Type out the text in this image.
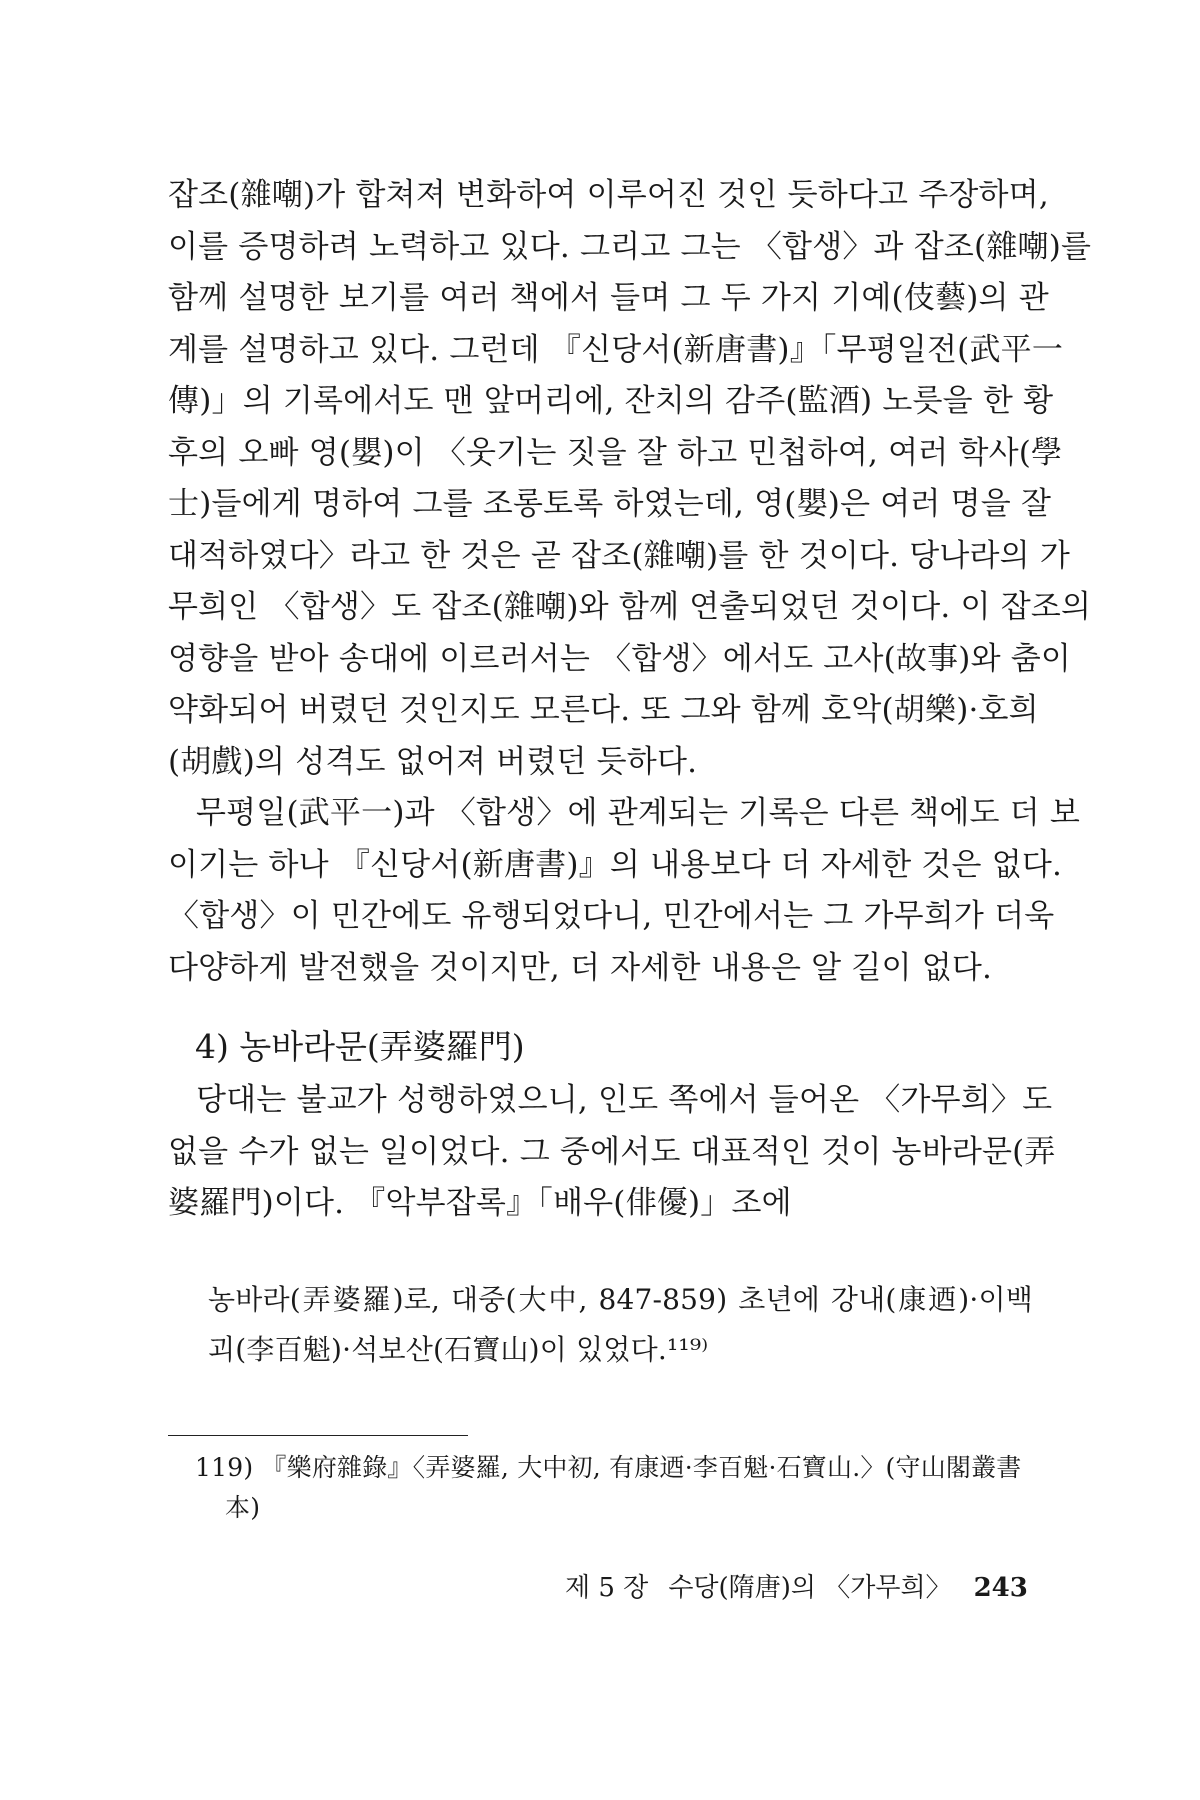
잡조(雜嘲)가 합쳐져 변화하여 이루어진 것인 듯하다고 주장하며,
이를 증명하려 노력하고 있다. 그리고 그는 〈합생〉과 잡조(雜嘲)를
함께 설명한 보기를 여러 책에서 들며 그 두 가지 기예(伎藝)의 관
계를 설명하고 있다. 그런데 『신당서(新唐書)』「무평일전(武平一
傳)」의 기록에서도 맨 앞머리에, 잔치의 감주(監酒) 노릇을 한 황
후의 오빠 영(嬰)이 〈웃기는 짓을 잘 하고 민첩하여, 여러 학사(學
士)들에게 명하여 그를 조롱토록 하였는데, 영(嬰)은 여러 명을 잘
대적하였다〉라고 한 것은 곧 잡조(雜嘲)를 한 것이다. 당나라의 가
무희인 〈합생〉도 잡조(雜嘲)와 함께 연출되었던 것이다. 이 잡조의
영향을 받아 송대에 이르러서는 〈합생〉에서도 고사(故事)와 춤이
약화되어 버렸던 것인지도 모른다. 또 그와 함께 호악(胡樂)·호희
(胡戲)의 성격도 없어져 버렸던 듯하다.
무평일(武平一)과 〈합생〉에 관계되는 기록은 다른 책에도 더 보
이기는 하나 『신당서(新唐書)』의 내용보다 더 자세한 것은 없다.
〈합생〉이 민간에도 유행되었다니, 민간에서는 그 가무희가 더욱
다양하게 발전했을 것이지만, 더 자세한 내용은 알 길이 없다.
4) 농바라문(弄婆羅門)
당대는 불교가 성행하였으니, 인도 쪽에서 들어온 〈가무희〉도
없을 수가 없는 일이었다. 그 중에서도 대표적인 것이 농바라문(弄
婆羅門)이다. 『악부잡록』「배우(俳優)」조에
농바라(弄婆羅)로, 대중(大中, 847-859) 초년에 강내(康迺)·이백
괴(李百魁)·석보산(石寶山)이 있었다.¹¹⁹⁾
119) 『樂府雜錄』〈弄婆羅, 大中初, 有康迺·李百魁·石寶山.〉(守山閣叢書
本)
제 5 장 수당(隋唐)의 〈가무희〉 243
